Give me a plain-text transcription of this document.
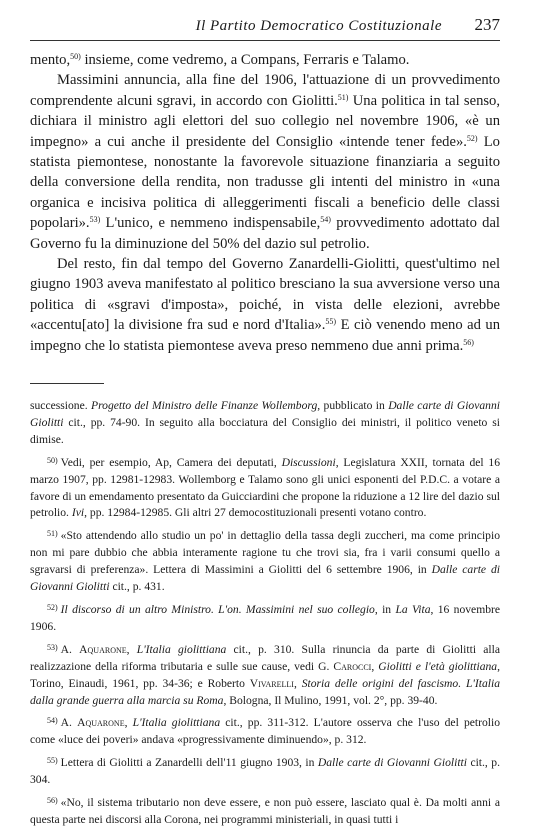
Il Partito Democratico Costituzionale 237

mento,$^{50)}$ insieme, come vedremo, a Compans, Ferraris e Talamo.

Massimini annuncia, alla fine del 1906, l'attuazione di un provvedimento comprendente alcuni sgravi, in accordo con Giolitti.$^{51)}$ Una politica in tal senso, dichiara il ministro agli elettori del suo collegio nel novembre 1906, «è un impegno» a cui anche il presidente del Consiglio «intende tener fede».$^{52)}$ Lo statista piemontese, nonostante la favorevole situazione finanziaria a seguito della conversione della rendita, non tradusse gli intenti del ministro in «una organica e incisiva politica di alleggerimenti fiscali a beneficio delle classi popolari».$^{53)}$ L'unico, e nemmeno indispensabile,$^{54)}$ provvedimento adottato dal Governo fu la diminuzione del 50% del dazio sul petrolio.

Del resto, fin dal tempo del Governo Zanardelli-Giolitti, quest'ultimo nel giugno 1903 aveva manifestato al politico bresciano la sua avversione verso una politica di «sgravi d'imposta», poiché, in vista delle elezioni, avrebbe «accentu[ato] la divisione fra sud e nord d'Italia».$^{55)}$ E ciò venendo meno ad un impegno che lo statista piemontese aveva preso nemmeno due anni prima.$^{56)}$

successione. Progetto del Ministro delle Finanze Wollemborg, pubblicato in Dalle carte di Giovanni Giolitti cit., pp. 74-90. In seguito alla bocciatura del Consiglio dei ministri, il politico veneto si dimise.

$^{50)}$ Vedi, per esempio, Ap, Camera dei deputati, Discussioni, Legislatura XXII, tornata del 16 marzo 1907, pp. 12981-12983. Wollemborg e Talamo sono gli unici esponenti del P.D.C. a votare a favore di un emendamento presentato da Guicciardini che propone la riduzione a 12 lire del dazio sul petrolio. Ivi, pp. 12984-12985. Gli altri 27 democostituzionali presenti votano contro.

$^{51)}$ «Sto attendendo allo studio un po' in dettaglio della tassa degli zuccheri, ma come principio non mi pare dubbio che abbia interamente ragione tu che trovi sia, fra i varii consumi quello a sgravarsi di preferenza». Lettera di Massimini a Giolitti del 6 settembre 1906, in Dalle carte di Giovanni Giolitti cit., p. 431.

$^{52)}$ Il discorso di un altro Ministro. L'on. Massimini nel suo collegio, in La Vita, 16 novembre 1906.

$^{53)}$ A. Aquarone, L'Italia giolittiana cit., p. 310. Sulla rinuncia da parte di Giolitti alla realizzazione della riforma tributaria e sulle sue cause, vedi G. Carocci, Giolitti e l'età giolittiana, Torino, Einaudi, 1961, pp. 34-36; e Roberto Vivarelli, Storia delle origini del fascismo. L'Italia dalla grande guerra alla marcia su Roma, Bologna, Il Mulino, 1991, vol. 2°, pp. 39-40.

$^{54)}$ A. Aquarone, L'Italia giolittiana cit., pp. 311-312. L'autore osserva che l'uso del petrolio come «luce dei poveri» andava «progressivamente diminuendo», p. 312.

$^{55)}$ Lettera di Giolitti a Zanardelli dell'11 giugno 1903, in Dalle carte di Giovanni Giolitti cit., p. 304.

$^{56)}$ «No, il sistema tributario non deve essere, e non può essere, lasciato qual è. Da molti anni a questa parte nei discorsi alla Corona, nei programmi ministeriali, in quasi tutti i
